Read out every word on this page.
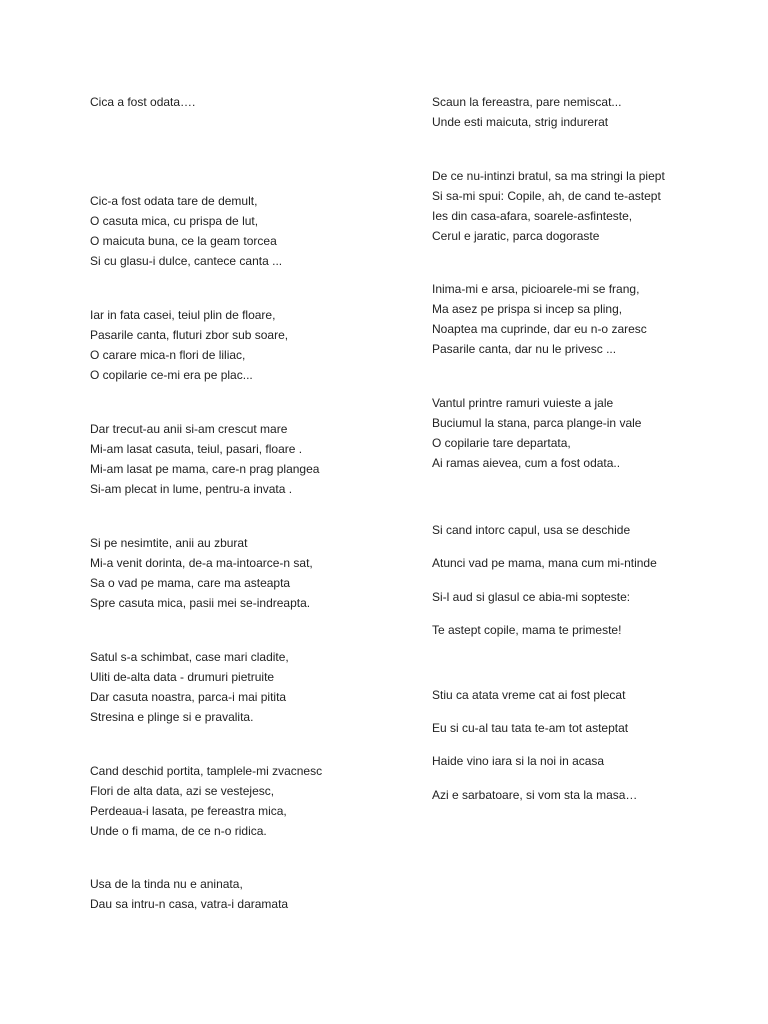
Cica a fost odata….
Cic-a fost odata tare de demult,
O casuta mica, cu prispa de lut,
O maicuta buna, ce la geam torcea
Si cu glasu-i dulce, cantece canta ...
Iar in fata casei, teiul plin de floare,
Pasarile canta, fluturi zbor sub soare,
O carare mica-n flori de liliac,
O copilarie ce-mi era pe plac...
Dar trecut-au anii si-am crescut mare
Mi-am lasat casuta, teiul, pasari, floare .
Mi-am lasat pe mama, care-n prag plangea
Si-am plecat in lume, pentru-a invata .
Si pe nesimtite, anii au zburat
Mi-a venit dorinta, de-a ma-intoarce-n sat,
Sa o vad pe mama, care ma asteapta
Spre casuta mica, pasii mei se-indreapta.
Satul s-a schimbat, case mari cladite,
Uliti de-alta data - drumuri pietruite
Dar casuta noastra, parca-i mai pitita
Stresina e plinge si e pravalita.
Cand deschid portita, tamplele-mi zvacnesc
Flori de alta data, azi se vestejesc,
Perdeaua-i lasata, pe fereastra mica,
Unde o fi mama, de ce n-o ridica.
Usa de la tinda nu e aninata,
Dau sa intru-n casa, vatra-i daramata
Scaun la fereastra, pare nemiscat...
Unde esti maicuta, strig indurerat
De ce nu-intinzi bratul, sa ma stringi la piept
Si sa-mi spui: Copile, ah, de cand te-astept
Ies din casa-afara, soarele-asfinteste,
Cerul e jaratic, parca dogoraste
Inima-mi e arsa, picioarele-mi se frang,
Ma asez pe prispa si incep sa pling,
Noaptea ma cuprinde, dar eu n-o zaresc
Pasarile canta, dar nu le privesc ...
Vantul printre ramuri vuieste a jale
Buciumul la stana, parca plange-in vale
O copilarie tare departata,
Ai ramas aievea, cum a fost odata..
Si cand intorc capul, usa se deschide
Atunci vad pe mama, mana cum mi-ntinde
Si-l aud si glasul ce abia-mi sopteste:
Te astept copile, mama te primeste!
Stiu ca atata vreme cat ai fost plecat
Eu si cu-al tau tata te-am tot asteptat
Haide vino iara si la noi in acasa
Azi e sarbatoare, si vom sta la masa…
